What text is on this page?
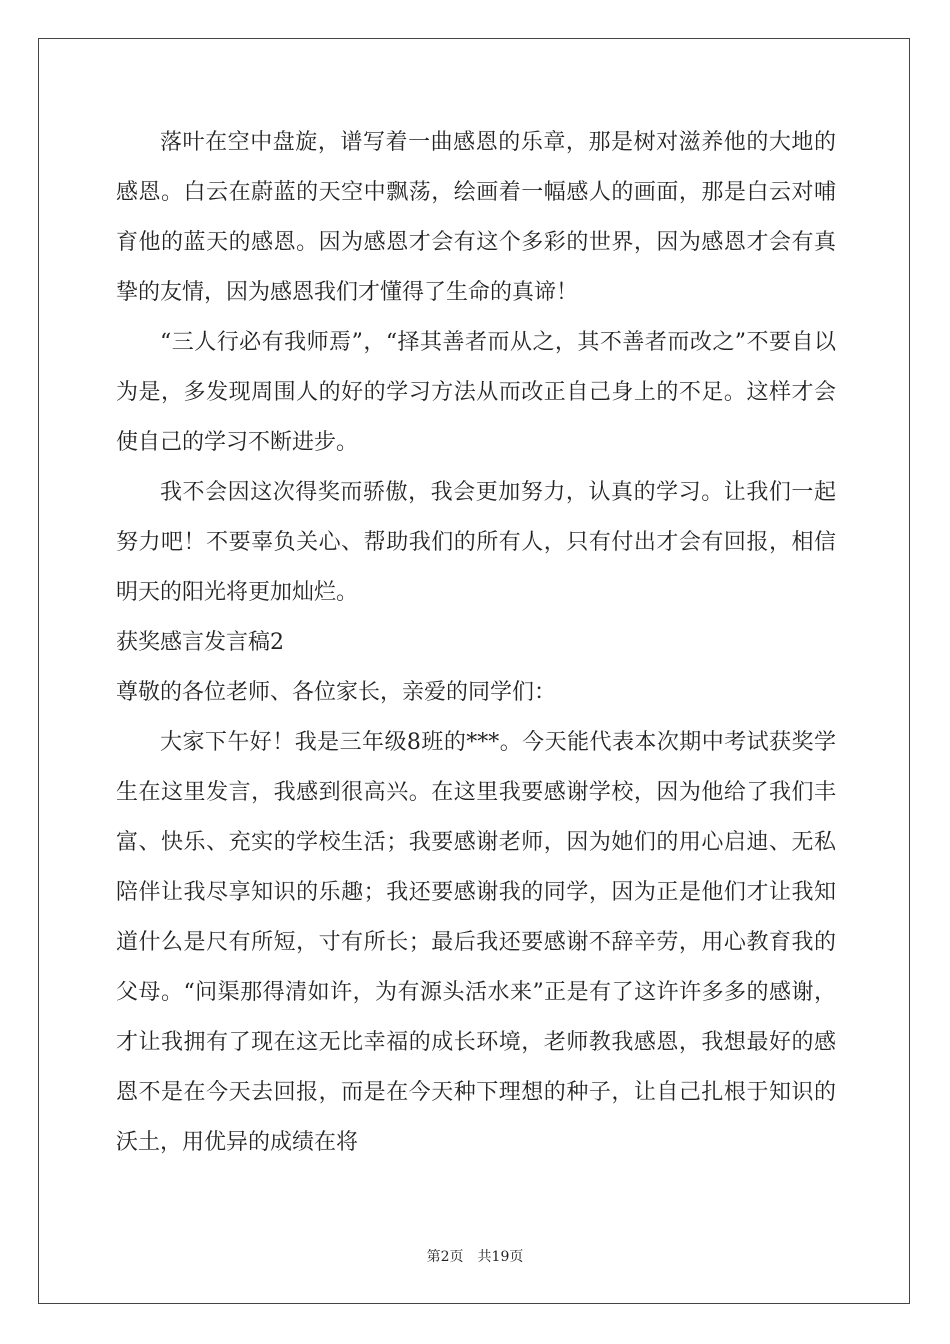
落叶在空中盘旋，谱写着一曲感恩的乐章，那是树对滋养他的大地的感恩。白云在蔚蓝的天空中飘荡，绘画着一幅感人的画面，那是白云对哺育他的蓝天的感恩。因为感恩才会有这个多彩的世界，因为感恩才会有真挚的友情，因为感恩我们才懂得了生命的真谛！

“三人行必有我师焉”，“择其善者而从之，其不善者而改之”不要自以为是，多发现周围人的好的学习方法从而改正自己身上的不足。这样才会使自己的学习不断进步。

我不会因这次得奖而骄傲，我会更加努力，认真的学习。让我们一起努力吧！不要辜负关心、帮助我们的所有人，只有付出才会有回报，相信明天的阳光将更加灿烂。

获奖感言发言稿2

尊敬的各位老师、各位家长，亲爱的同学们：

大家下午好！我是三年级8班的***。今天能代表本次期中考试获奖学生在这里发言，我感到很高兴。在这里我要感谢学校，因为他给了我们丰富、快乐、充实的学校生活；我要感谢老师，因为她们的用心启迪、无私陪伴让我尽享知识的乐趣；我还要感谢我的同学，因为正是他们才让我知道什么是尺有所短，寸有所长；最后我还要感谢不辞辛劳，用心教育我的父母。“问渠那得清如许，为有源头活水来”正是有了这许许多多的感谢，才让我拥有了现在这无比幸福的成长环境，老师教我感恩，我想最好的感恩不是在今天去回报，而是在今天种下理想的种子，让自己扎根于知识的沃土，用优异的成绩在将

第2页　共19页
